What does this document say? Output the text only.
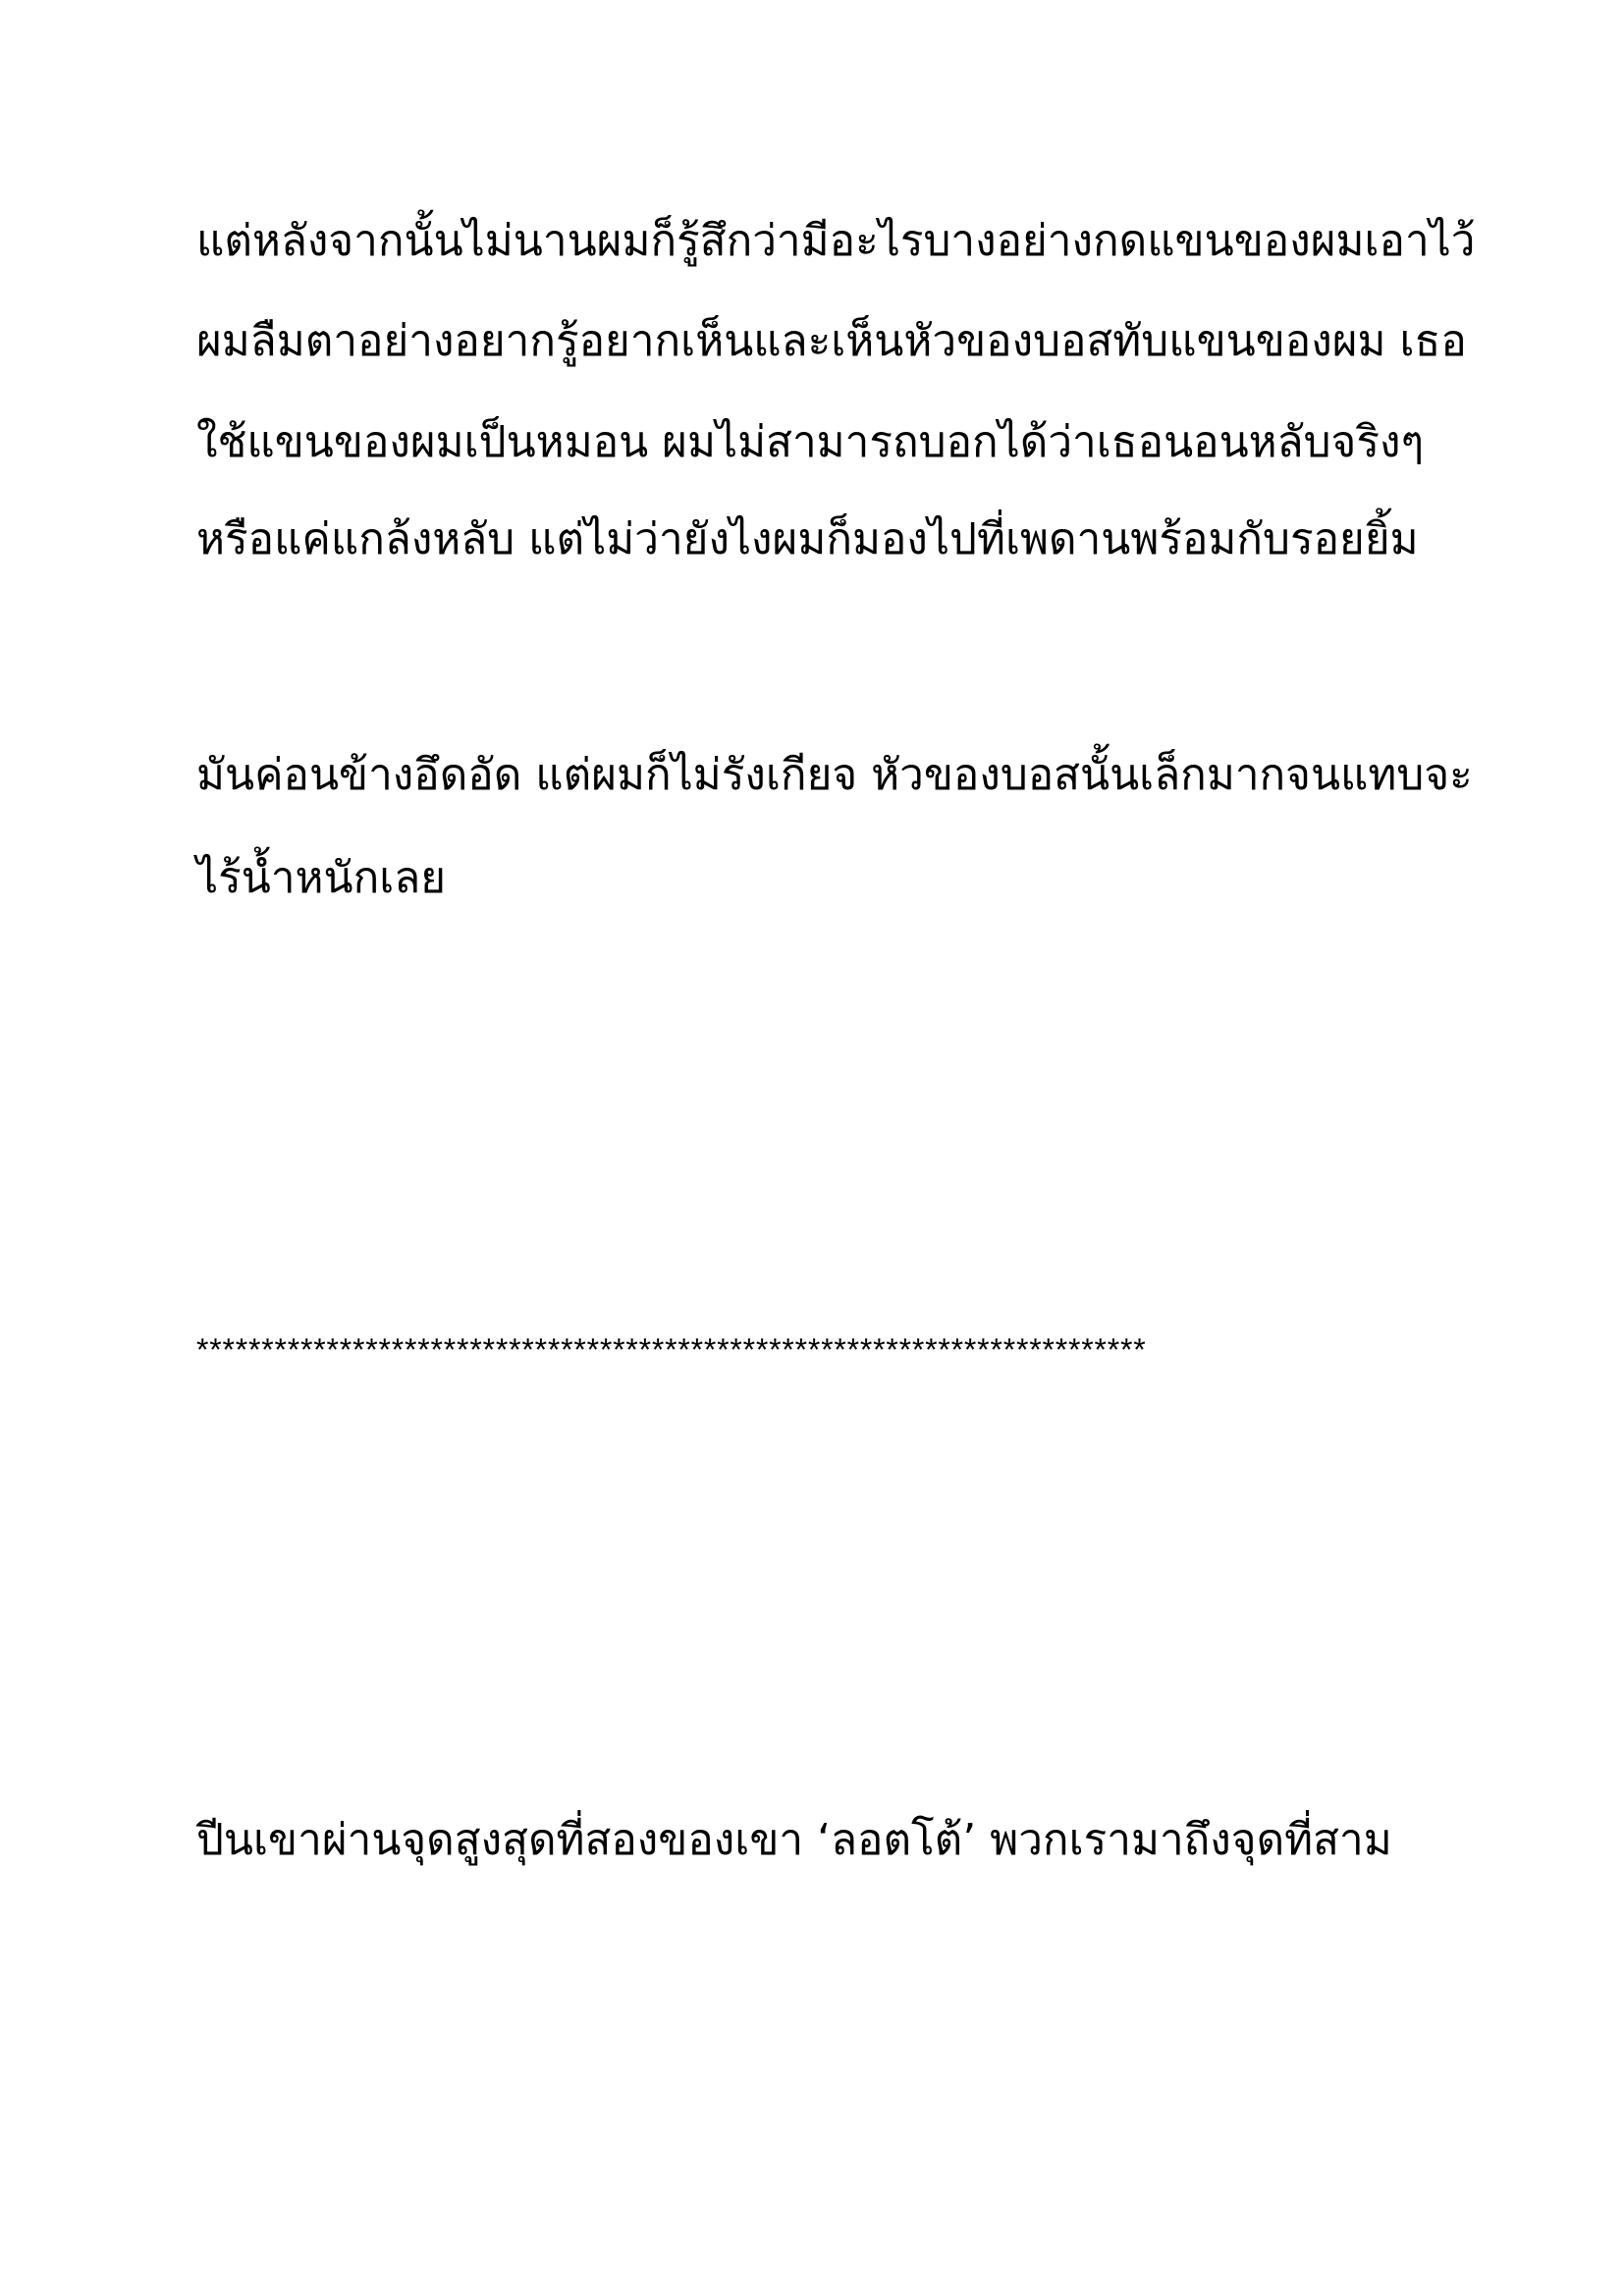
แต่หลังจากนั้นไม่นานผมก็รู้สึกว่ามีอะไรบางอย่างกดแขนของผมเอาไว้

ผมลืมตาอย่างอยากรู้อยากเห็นและเห็นหัวของบอสทับแขนของผม เธอ

ใช้แขนของผมเป็นหมอน ผมไม่สามารถบอกได้ว่าเธอนอนหลับจริงๆ

หรือแค่แกล้งหลับ แต่ไม่ว่ายังไงผมก็มองไปที่เพดานพร้อมกับรอยยิ้ม

มันค่อนข้างอึดอัด แต่ผมก็ไม่รังเกียจ หัวของบอสนั้นเล็กมากจนแทบจะ

ไร้น้ำหนักเลย

*************************************************************************

ปีนเขาผ่านจุดสูงสุดที่สองของเขา ‘ลอตโต้’ พวกเรามาถึงจุดที่สาม
